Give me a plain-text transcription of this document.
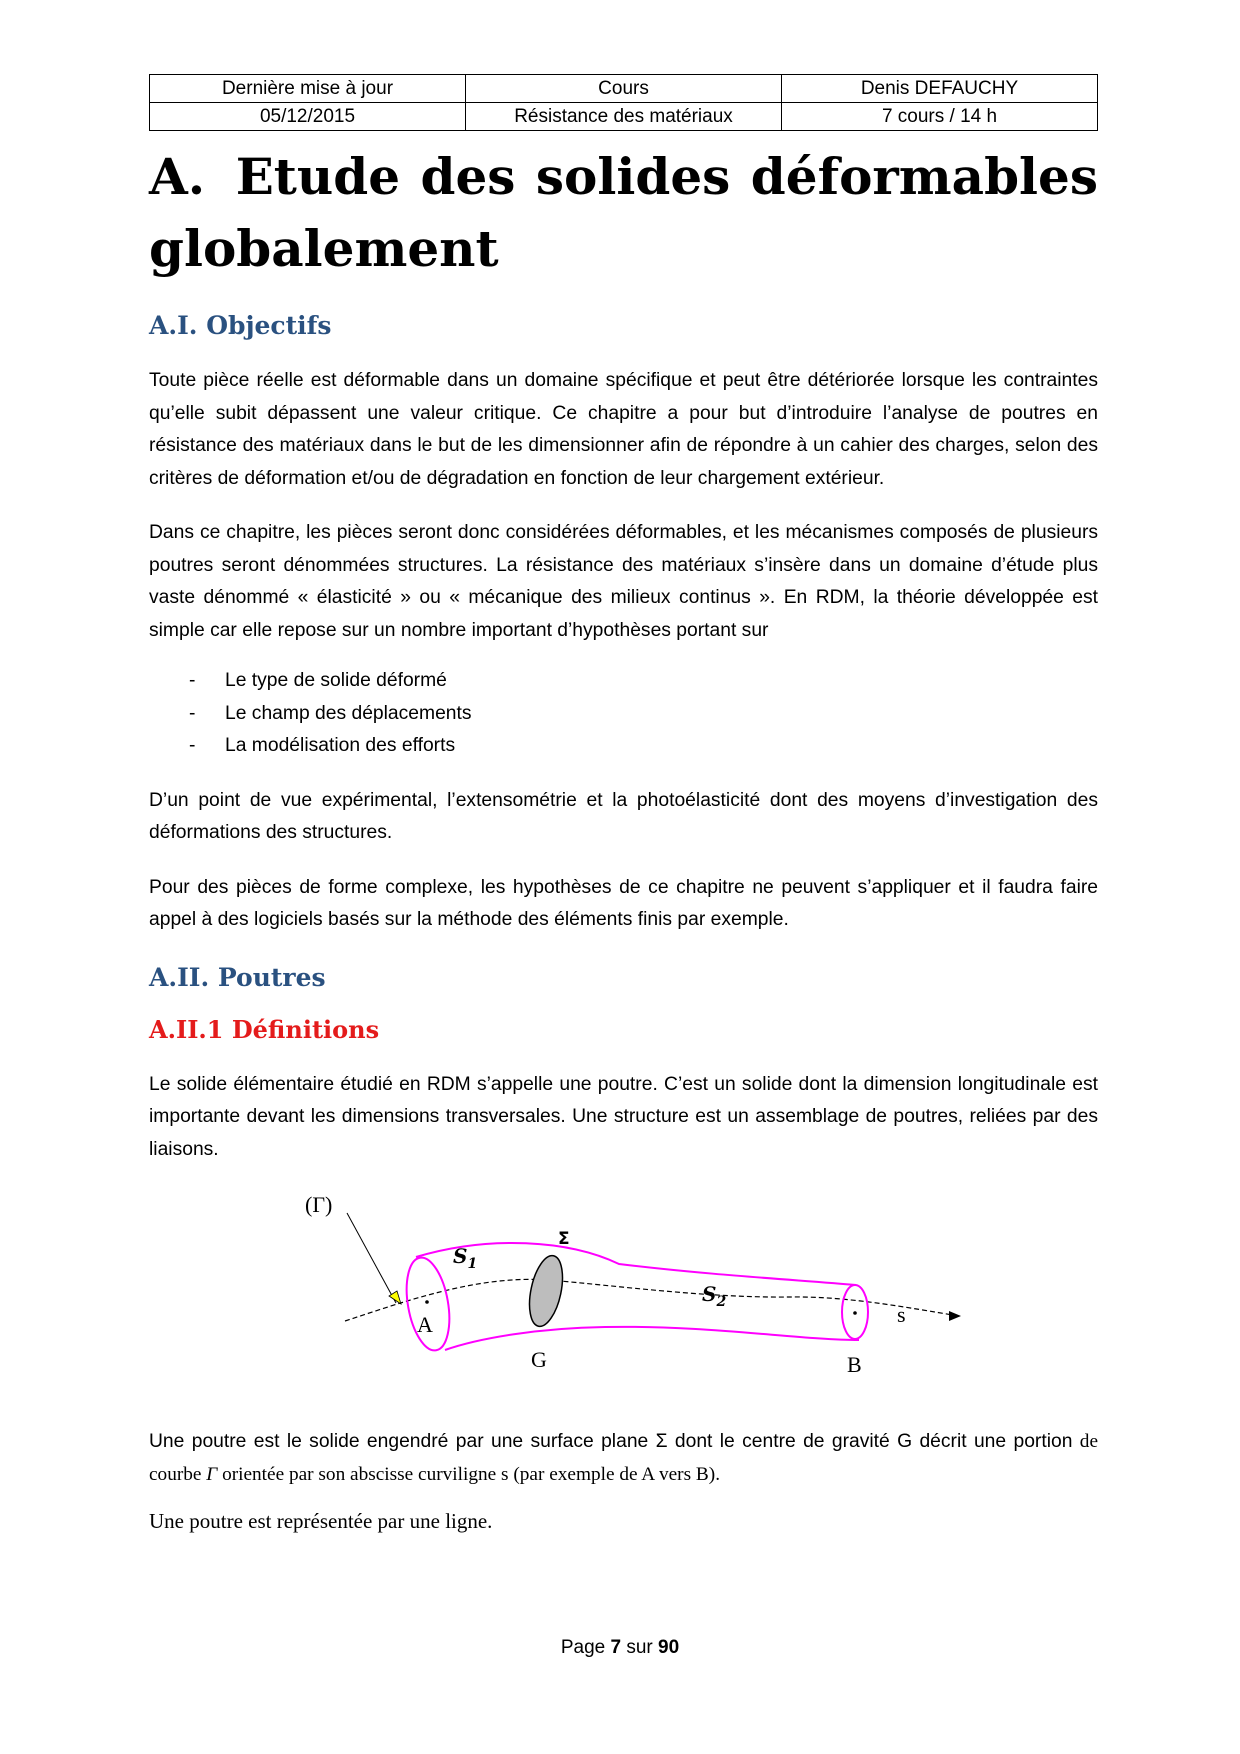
Dernière mise à jour	Cours	Denis DEFAUCHY
05/12/2015	Résistance des matériaux	7 cours / 14 h
A. Etude des solides déformables globalement
A.I. Objectifs

Toute pièce réelle est déformable dans un domaine spécifique et peut être détériorée lorsque les contraintes qu’elle subit dépassent une valeur critique. Ce chapitre a pour but d’introduire l’analyse de poutres en résistance des matériaux dans le but de les dimensionner afin de répondre à un cahier des charges, selon des critères de déformation et/ou de dégradation en fonction de leur chargement extérieur.

Dans ce chapitre, les pièces seront donc considérées déformables, et les mécanismes composés de plusieurs poutres seront dénommées structures. La résistance des matériaux s’insère dans un domaine d’étude plus vaste dénommé « élasticité » ou « mécanique des milieux continus ». En RDM, la théorie développée est simple car elle repose sur un nombre important d’hypothèses portant sur

- Le type de solide déformé
- Le champ des déplacements
- La modélisation des efforts

D’un point de vue expérimental, l’extensométrie et la photoélasticité dont des moyens d’investigation des déformations des structures.

Pour des pièces de forme complexe, les hypothèses de ce chapitre ne peuvent s’appliquer et il faudra faire appel à des logiciels basés sur la méthode des éléments finis par exemple.

A.II. Poutres
A.II.1 Définitions

Le solide élémentaire étudié en RDM s’appelle une poutre. C’est un solide dont la dimension longitudinale est importante devant les dimensions transversales. Une structure est un assemblage de poutres, reliées par des liaisons.

(Γ)
$S_1$
Σ
$S_2$
A
G	B
s

Une poutre est le solide engendré par une surface plane Σ dont le centre de gravité G décrit une portion de courbe Γ orientée par son abscisse curviligne s (par exemple de A vers B).

Une poutre est représentée par une ligne.

Page 7 sur 90
